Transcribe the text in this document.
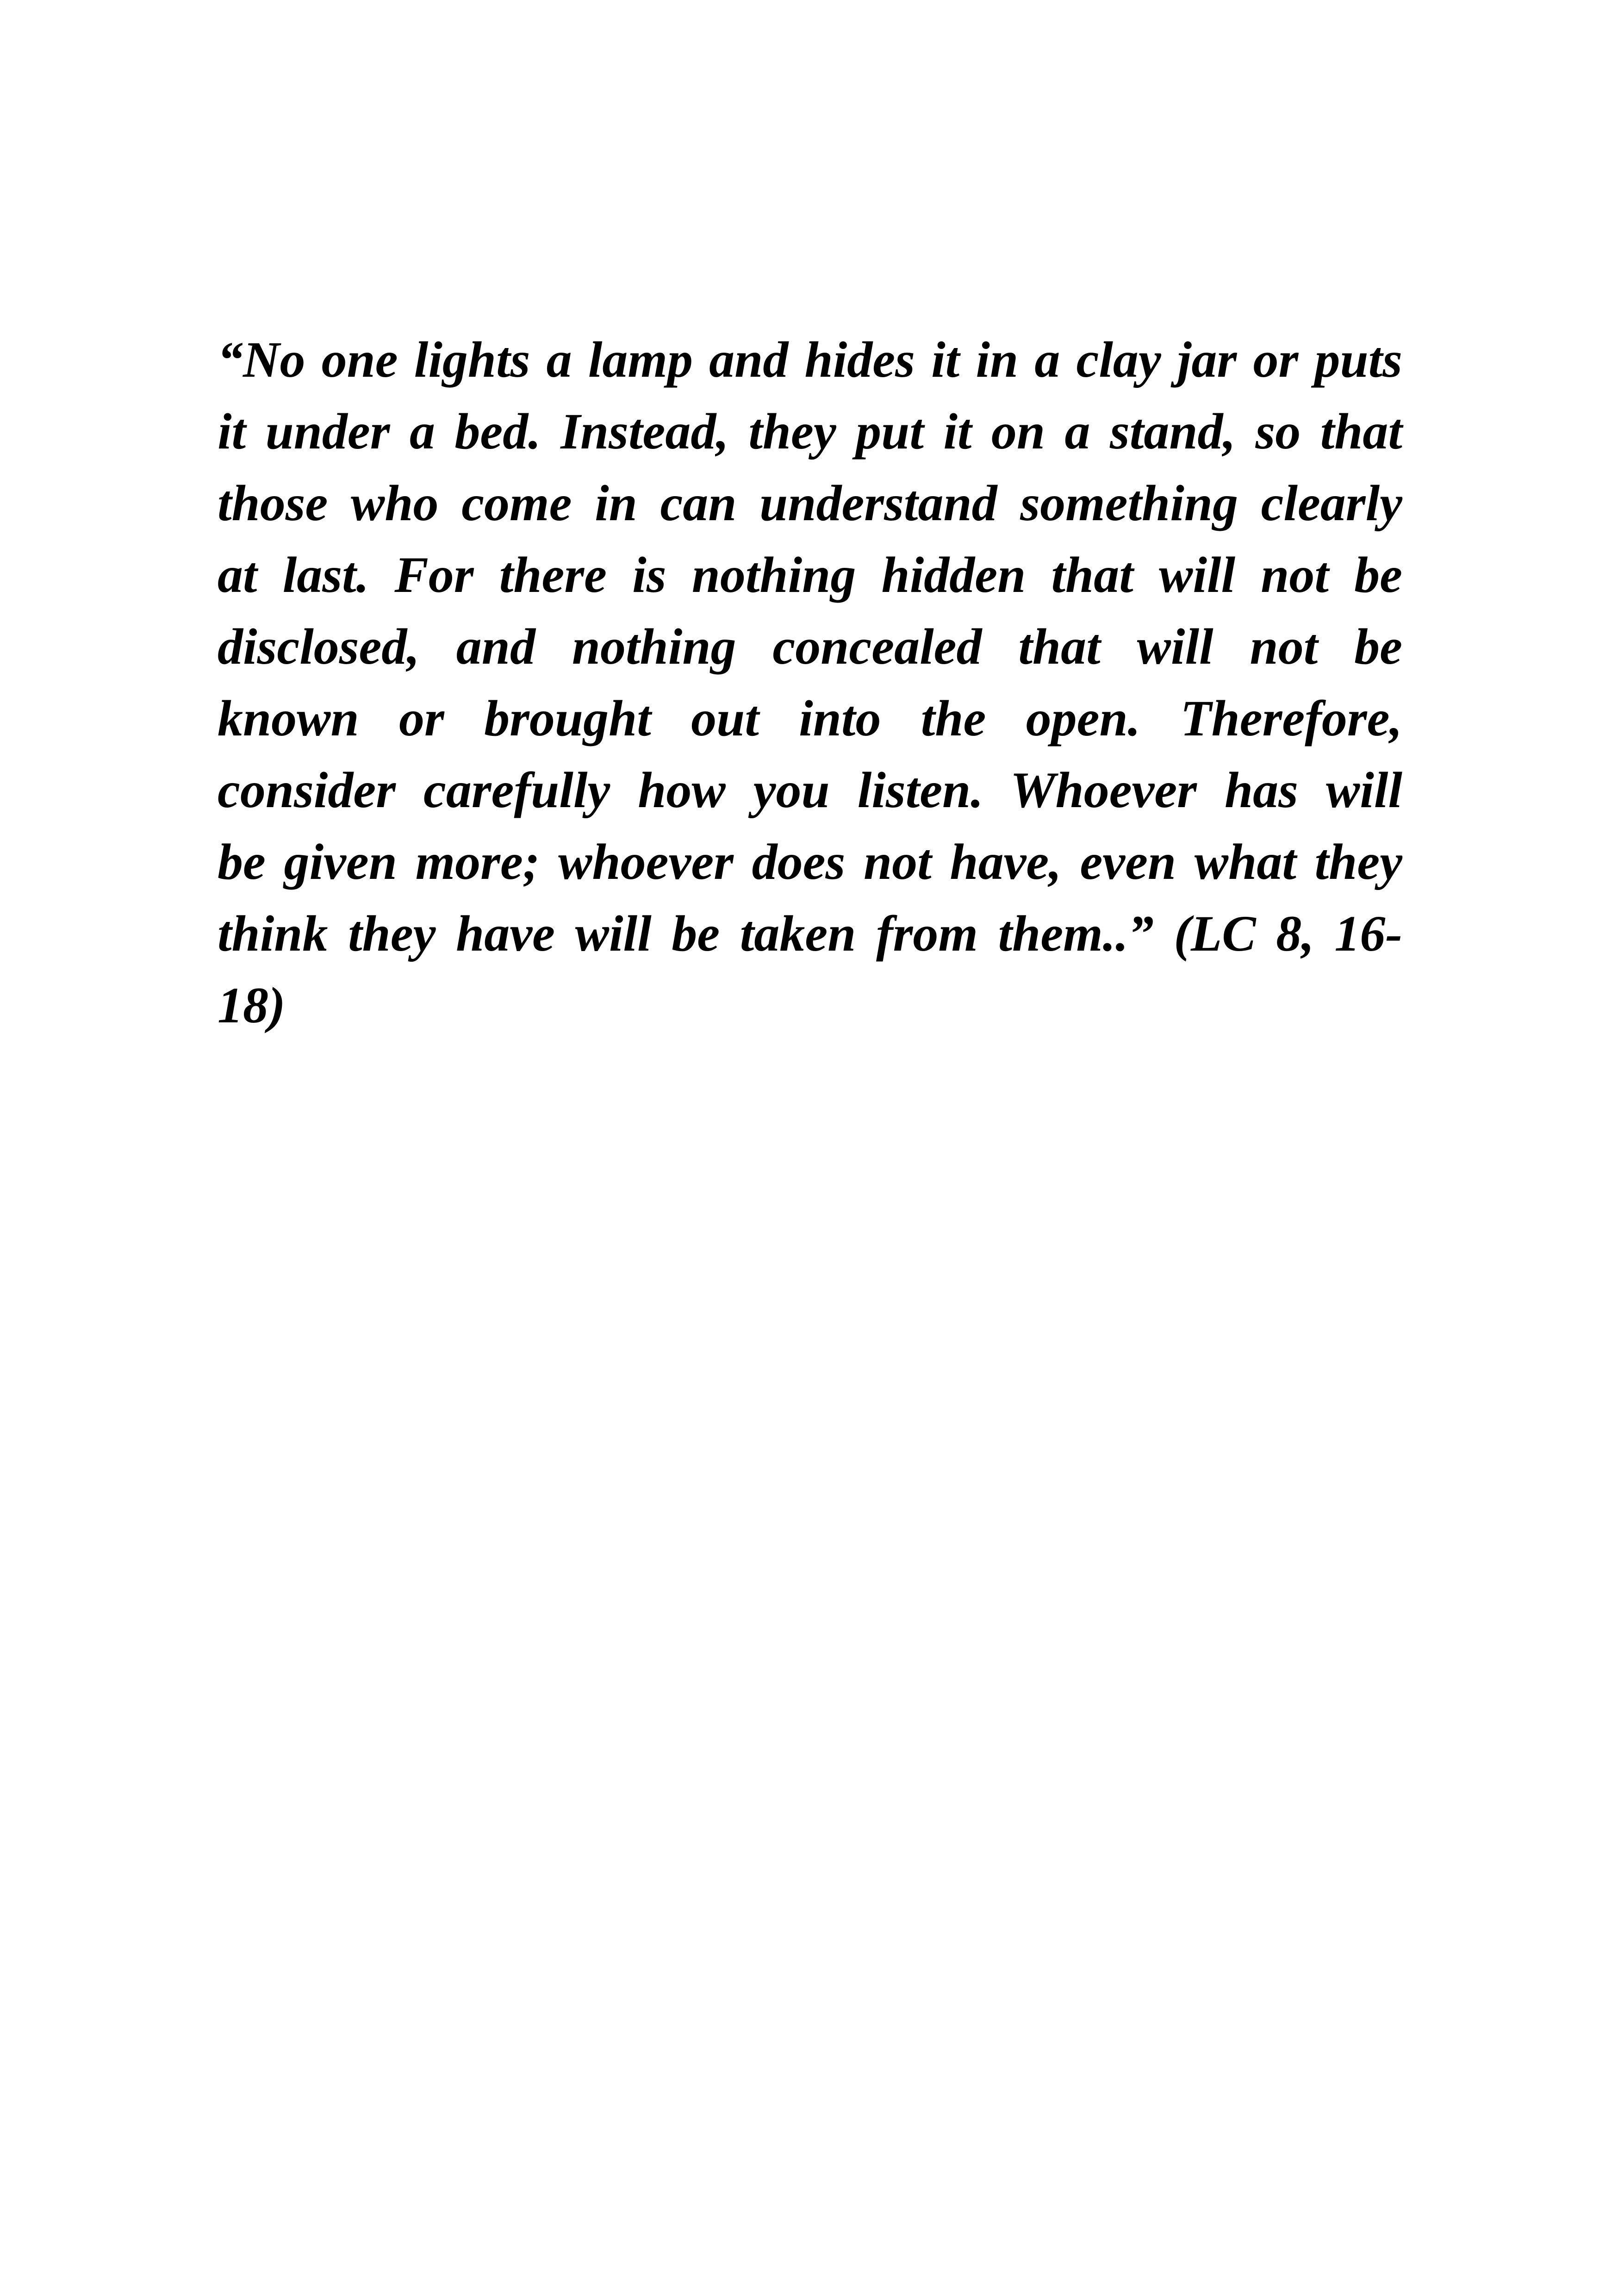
“No one lights a lamp and hides it in a clay jar or puts
it under a bed. Instead, they put it on a stand, so that
those who come in can understand something clearly
at last. For there is nothing hidden that will not be
disclosed, and nothing concealed that will not be
known or brought out into the open. Therefore,
consider carefully how you listen. Whoever has will
be given more; whoever does not have, even what they
think they have will be taken from them..” (LC 8, 16-
18)
